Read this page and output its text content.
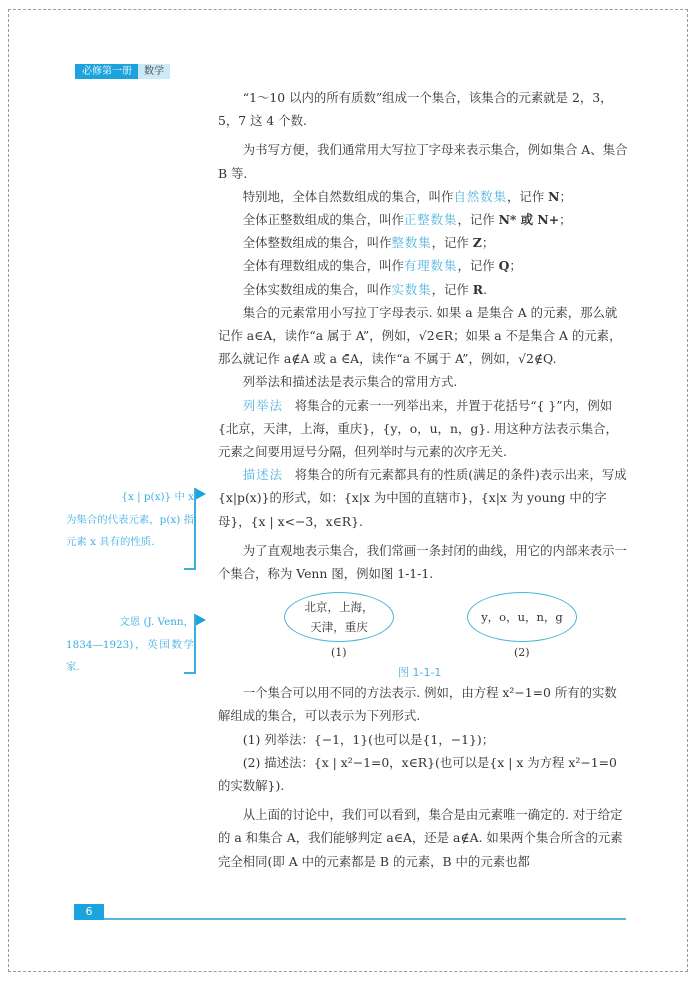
必修第一册	数学

“1～10 以内的所有质数”组成一个集合，该集合的元素就是 2，3，5，7 这 4 个数.

为书写方便，我们通常用大写拉丁字母来表示集合，例如集合 A、集合 B 等.

特别地，全体自然数组成的集合，叫作自然数集，记作 N；

全体正整数组成的集合，叫作正整数集，记作 N* 或 N+；

全体整数组成的集合，叫作整数集，记作 Z；

全体有理数组成的集合，叫作有理数集，记作 Q；

全体实数组成的集合，叫作实数集，记作 R.

集合的元素常用小写拉丁字母表示. 如果 a 是集合 A 的元素，那么就记作 a∈A，读作“a 属于 A”，例如，√2∈R；如果 a 不是集合 A 的元素，那么就记作 a∉A 或 a ∈̄A，读作“a 不属于 A”，例如，√2∉Q.

列举法和描述法是表示集合的常用方式.

列举法 将集合的元素一一列举出来，并置于花括号“{ }”内，例如{北京，天津，上海，重庆}，{y，o，u，n，g}. 用这种方法表示集合，元素之间要用逗号分隔，但列举时与元素的次序无关.

描述法 将集合的所有元素都具有的性质(满足的条件)表示出来，写成{x|p(x)}的形式，如：{x|x 为中国的直辖市}，{x|x 为 young 中的字母}，{x | x<−3，x∈R}.

为了直观地表示集合，我们常画一条封闭的曲线，用它的内部来表示一个集合，称为 Venn 图，例如图 1-1-1.

北京，上海，
天津，重庆
(1)
y，o，u，n，g
(2)
图 1-1-1

一个集合可以用不同的方法表示. 例如，由方程 x²−1=0 所有的实数解组成的集合，可以表示为下列形式.

(1) 列举法：{−1，1}(也可以是{1，−1})；

(2) 描述法：{x | x²−1=0，x∈R}(也可以是{x | x 为方程 x²−1=0 的实数解}).

从上面的讨论中，我们可以看到，集合是由元素唯一确定的. 对于给定的 a 和集合 A，我们能够判定 a∈A，还是 a∉A. 如果两个集合所含的元素完全相同(即 A 中的元素都是 B 的元素，B 中的元素也都

{x | p(x)} 中 x
为集合的代表元素，p(x) 指元素 x 具有的性质.
文恩 (J. Venn，
1834—1923)，英国数学家.
6
